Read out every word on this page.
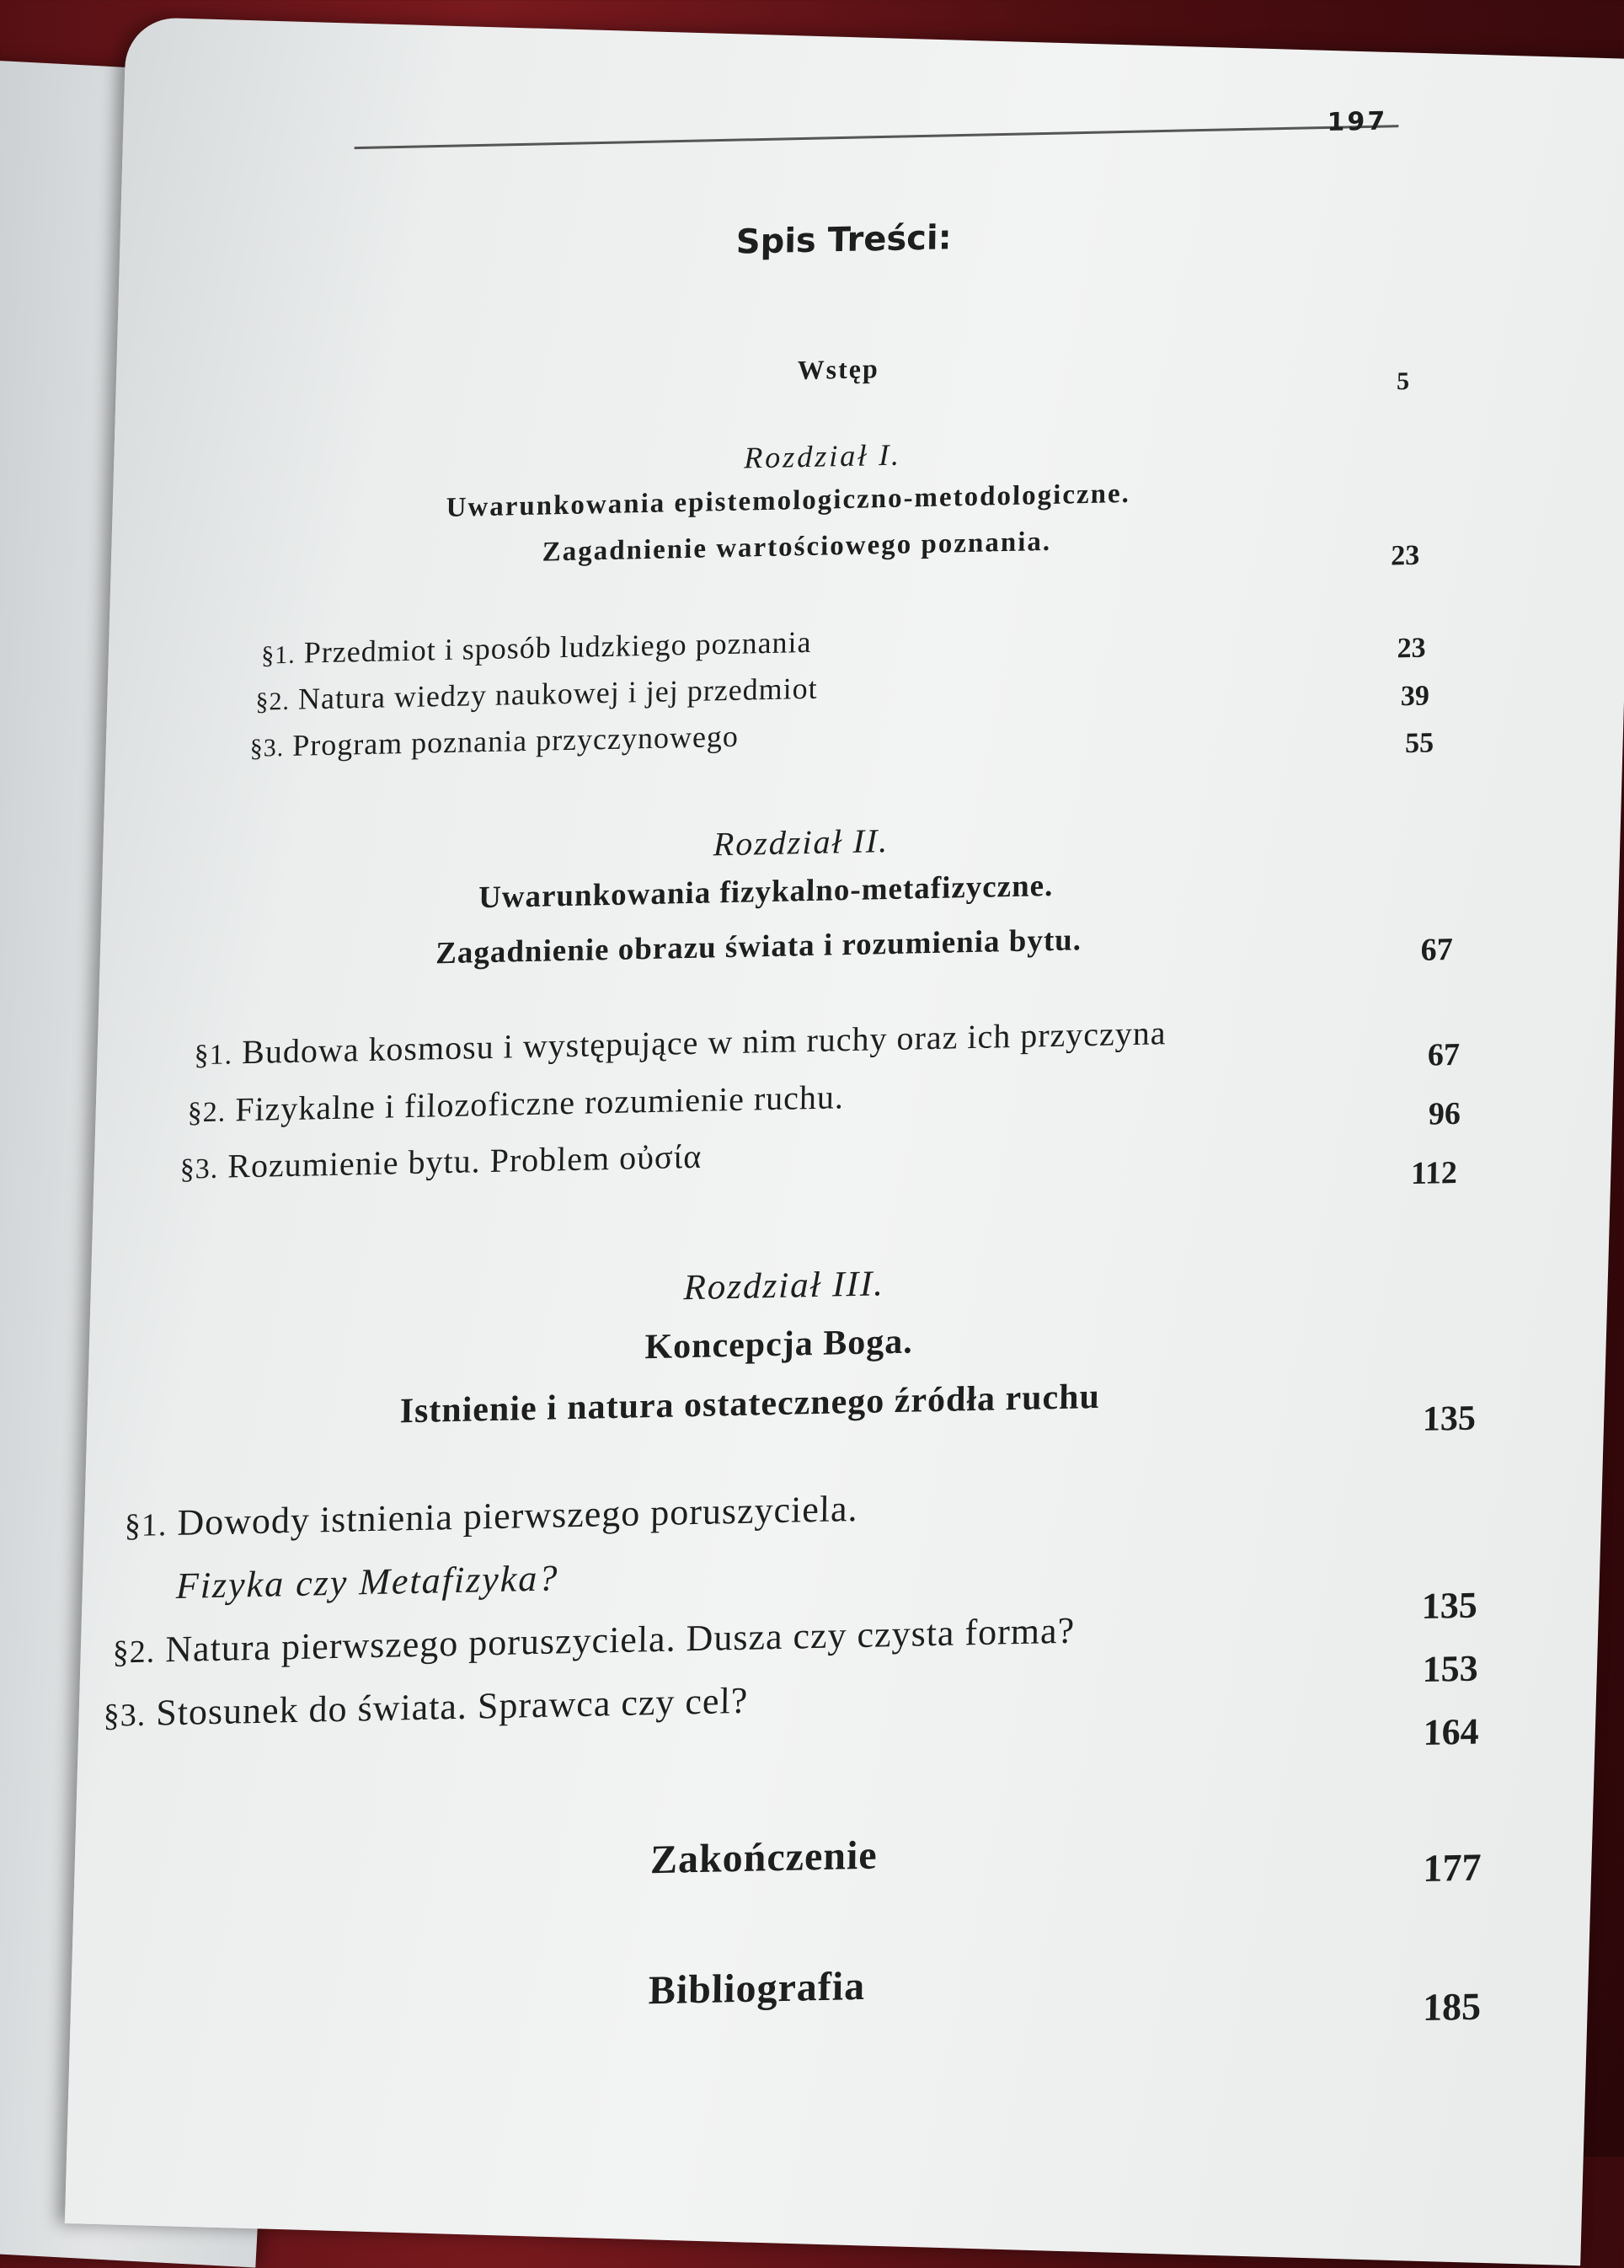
197
Spis Treści:
Wstęp	5
Rozdział I.
Uwarunkowania epistemologiczno-metodologiczne.
Zagadnienie wartościowego poznania.	23
§1. Przedmiot i sposób ludzkiego poznania	23
§2. Natura wiedzy naukowej i jej przedmiot	39
§3. Program poznania przyczynowego	55
Rozdział II.
Uwarunkowania fizykalno-metafizyczne.
Zagadnienie obrazu świata i rozumienia bytu.	67
§1. Budowa kosmosu i występujące w nim ruchy oraz ich przyczyna	67
§2. Fizykalne i filozoficzne rozumienie ruchu.	96
§3. Rozumienie bytu. Problem οὐσία	112
Rozdział III.
Koncepcja Boga.
Istnienie i natura ostatecznego źródła ruchu	135
§1. Dowody istnienia pierwszego poruszyciela.
Fizyka czy Metafizyka?	135
§2. Natura pierwszego poruszyciela. Dusza czy czysta forma?	153
§3. Stosunek do świata. Sprawca czy cel?	164
Zakończenie	177
Bibliografia	185
